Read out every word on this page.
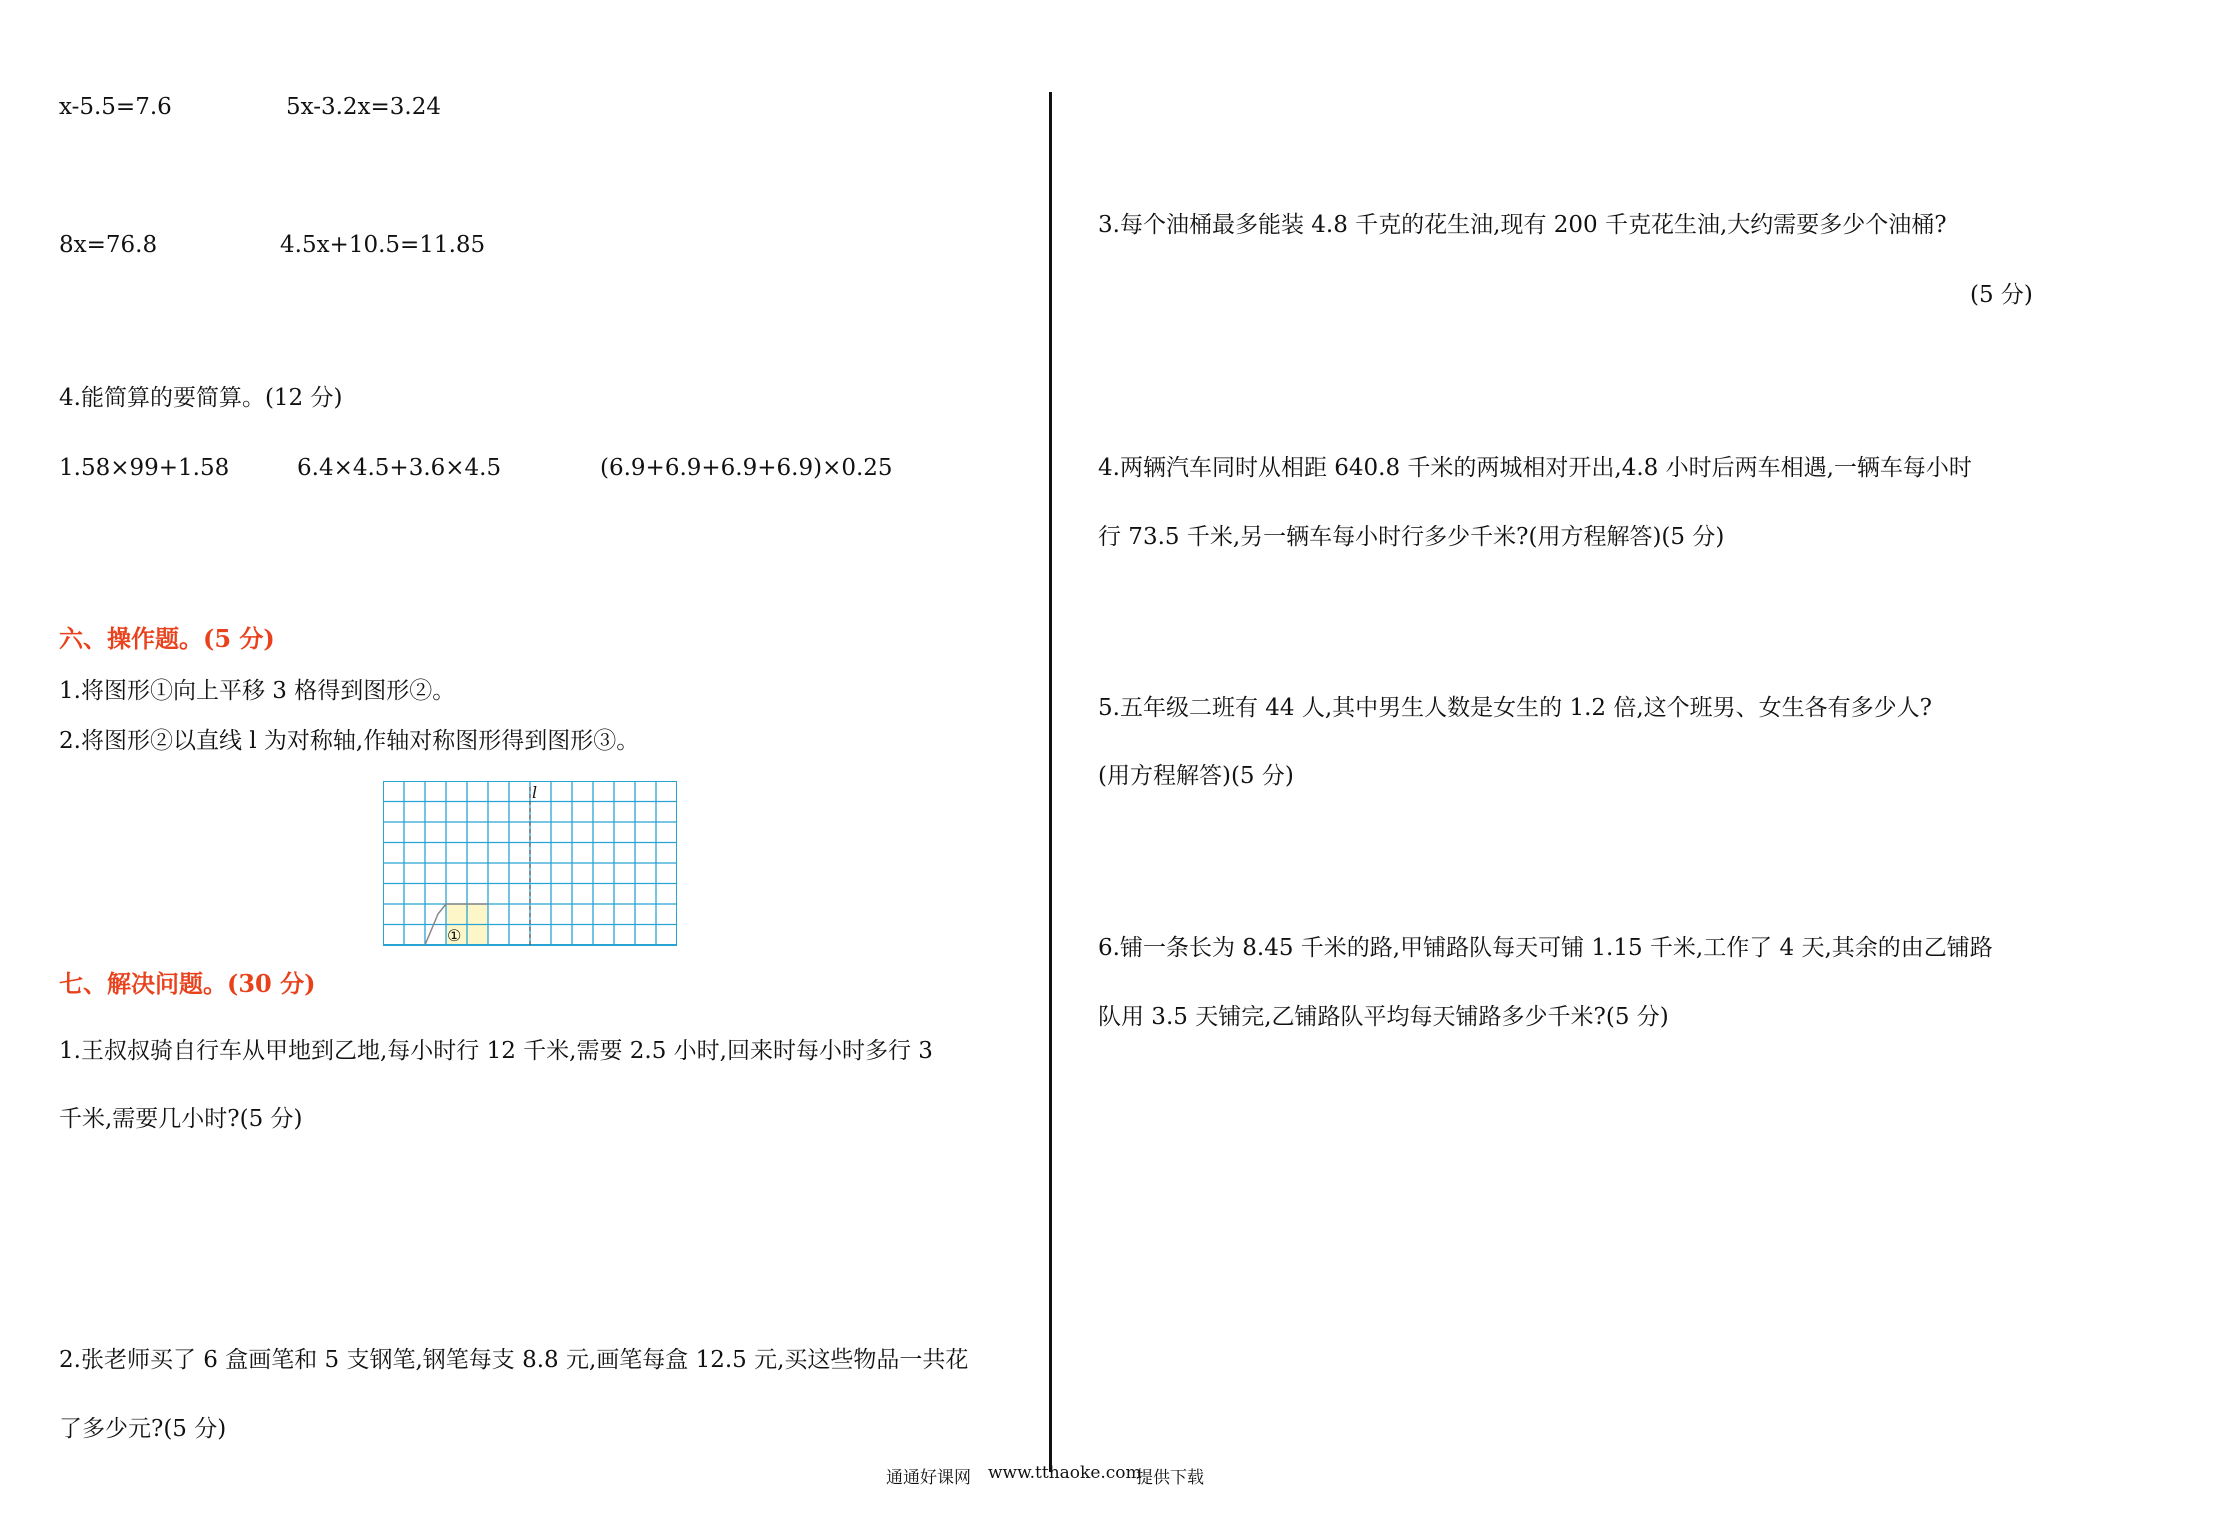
x-5.5=7.6	5x-3.2x=3.24
8x=76.8	4.5x+10.5=11.85
4.能简算的要简算。(12 分)
1.58×99+1.58	6.4×4.5+3.6×4.5	(6.9+6.9+6.9+6.9)×0.25
六、操作题。(5 分)
1.将图形①向上平移 3 格得到图形②。
2.将图形②以直线 l 为对称轴,作轴对称图形得到图形③。
l
①
七、解决问题。(30 分)
1.王叔叔骑自行车从甲地到乙地,每小时行 12 千米,需要 2.5 小时,回来时每小时多行 3
千米,需要几小时?(5 分)
2.张老师买了 6 盒画笔和 5 支钢笔,钢笔每支 8.8 元,画笔每盒 12.5 元,买这些物品一共花
了多少元?(5 分)
3.每个油桶最多能装 4.8 千克的花生油,现有 200 千克花生油,大约需要多少个油桶?
(5 分)
4.两辆汽车同时从相距 640.8 千米的两城相对开出,4.8 小时后两车相遇,一辆车每小时
行 73.5 千米,另一辆车每小时行多少千米?(用方程解答)(5 分)
5.五年级二班有 44 人,其中男生人数是女生的 1.2 倍,这个班男、女生各有多少人?
(用方程解答)(5 分)
6.铺一条长为 8.45 千米的路,甲铺路队每天可铺 1.15 千米,工作了 4 天,其余的由乙铺路
队用 3.5 天铺完,乙铺路队平均每天铺路多少千米?(5 分)
通通好课网 www.tthaoke.com
提供下载
